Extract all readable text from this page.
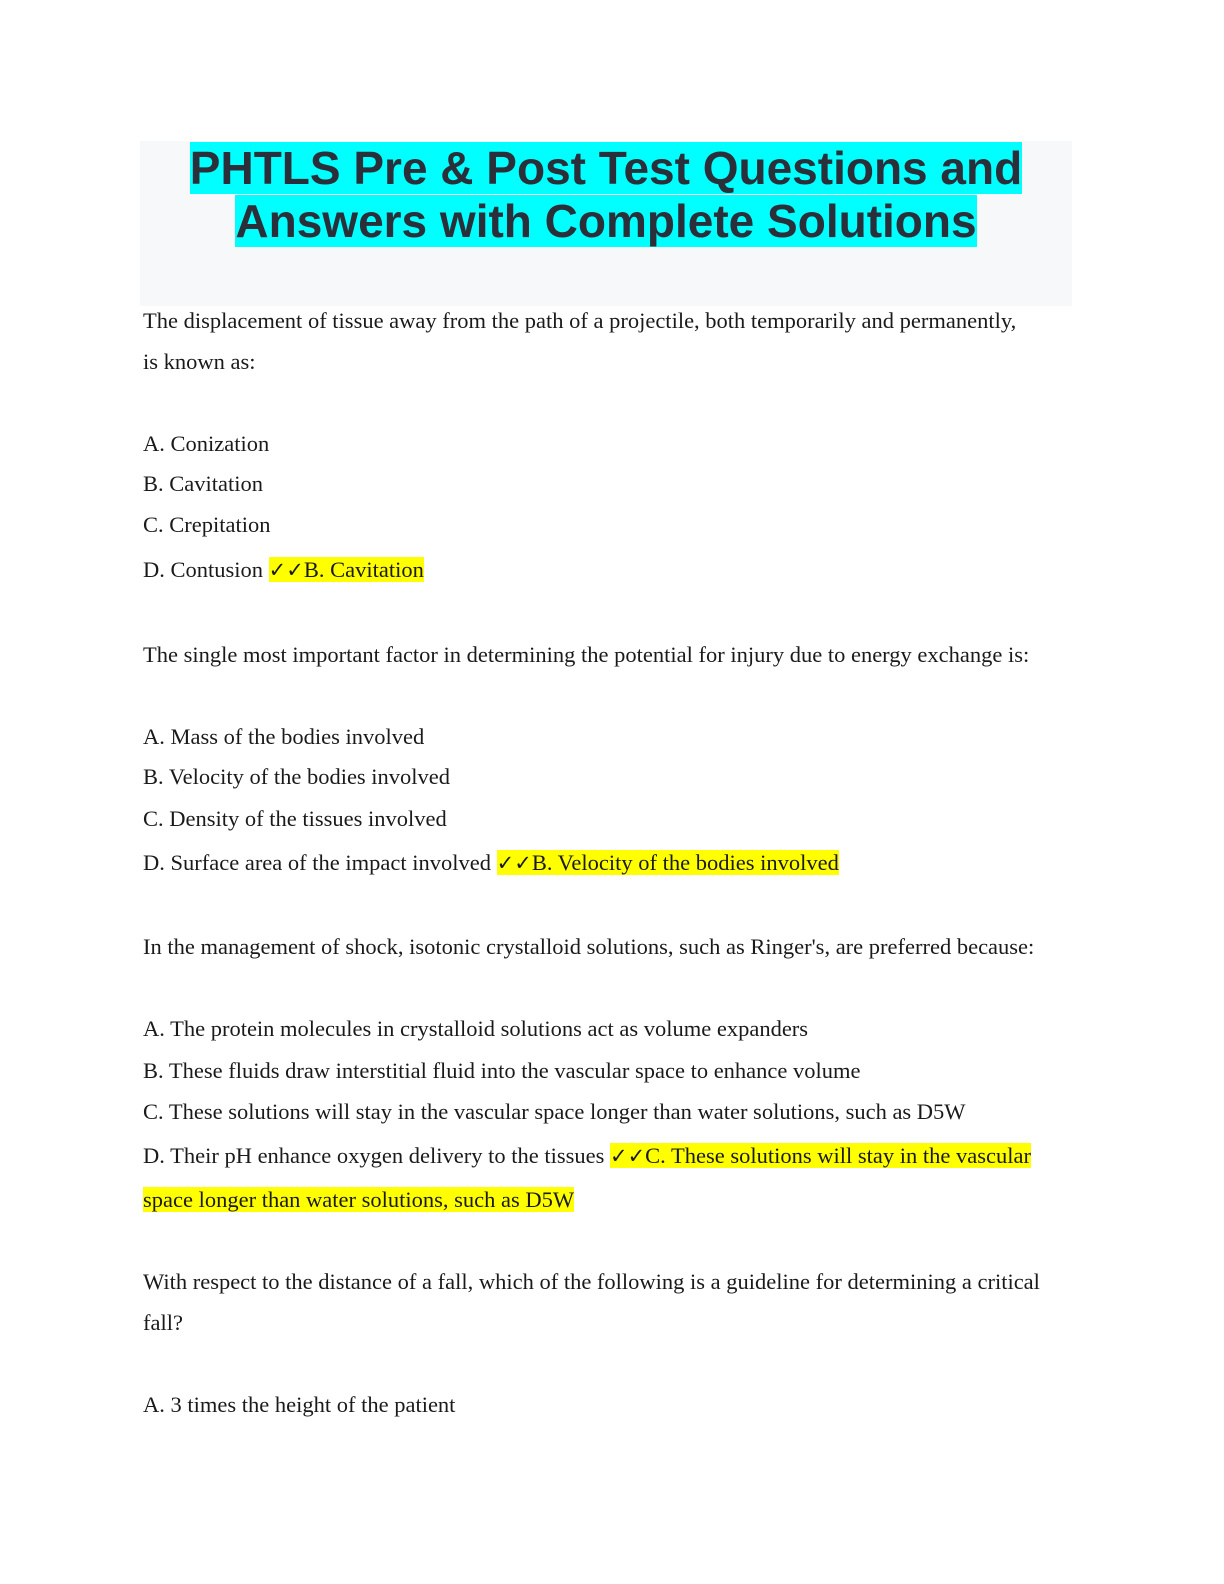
PHTLS Pre & Post Test Questions and
Answers with Complete Solutions
The displacement of tissue away from the path of a projectile, both temporarily and permanently,
is known as:
A. Conization
B. Cavitation
C. Crepitation
D. Contusion ✓✓B. Cavitation
The single most important factor in determining the potential for injury due to energy exchange is:
A. Mass of the bodies involved
B. Velocity of the bodies involved
C. Density of the tissues involved
D. Surface area of the impact involved ✓✓B. Velocity of the bodies involved
In the management of shock, isotonic crystalloid solutions, such as Ringer's, are preferred because:
A. The protein molecules in crystalloid solutions act as volume expanders
B. These fluids draw interstitial fluid into the vascular space to enhance volume
C. These solutions will stay in the vascular space longer than water solutions, such as D5W
D. Their pH enhance oxygen delivery to the tissues ✓✓C. These solutions will stay in the vascular
space longer than water solutions, such as D5W
With respect to the distance of a fall, which of the following is a guideline for determining a critical
fall?
A. 3 times the height of the patient
